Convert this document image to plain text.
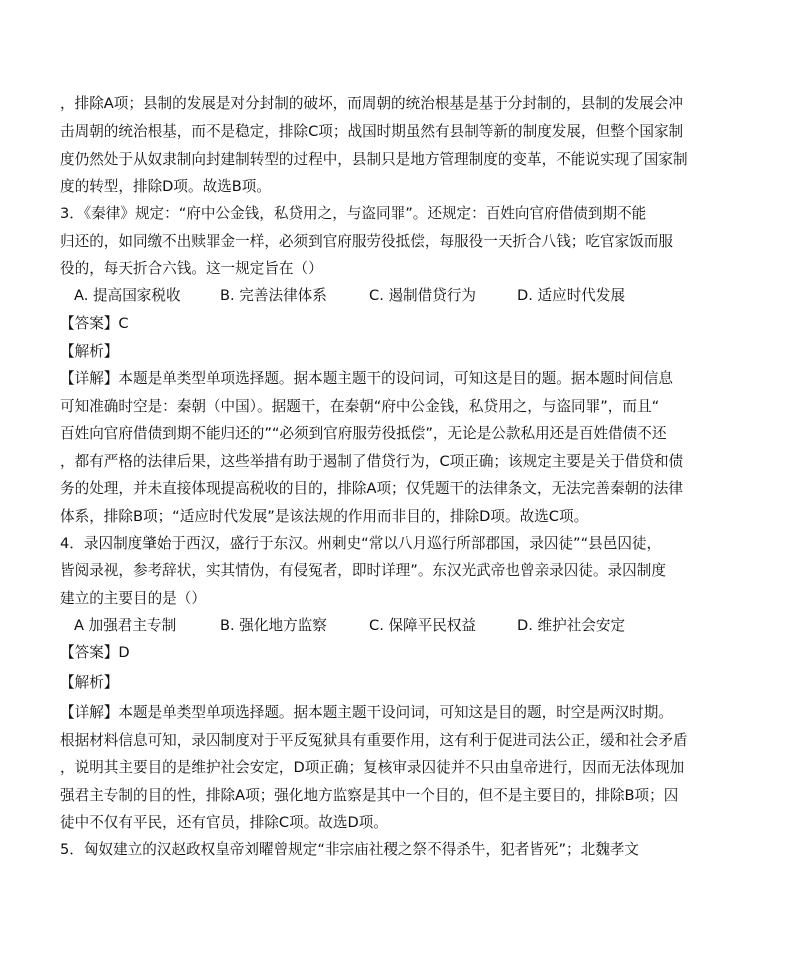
，排除A项；县制的发展是对分封制的破坏，而周朝的统治根基是基于分封制的，县制的发展会冲
击周朝的统治根基，而不是稳定，排除C项；战国时期虽然有县制等新的制度发展，但整个国家制
度仍然处于从奴隶制向封建制转型的过程中，县制只是地方管理制度的变革，不能说实现了国家制
度的转型，排除D项。故选B项。
3．《秦律》规定：“府中公金钱，私贷用之，与盗同罪”。还规定：百姓向官府借债到期不能
归还的，如同缴不出赎罪金一样，必须到官府服劳役抵偿，每服役一天折合八钱；吃官家饭而服
役的，每天折合六钱。这一规定旨在（）
A. 提高国家税收	B. 完善法律体系	C. 遏制借贷行为	D. 适应时代发展
【答案】C
【解析】
【详解】本题是单类型单项选择题。据本题主题干的设问词，可知这是目的题。据本题时间信息
可知准确时空是：秦朝（中国）。据题干，在秦朝“府中公金钱，私贷用之，与盗同罪”，而且“
百姓向官府借债到期不能归还的”“必须到官府服劳役抵偿”，无论是公款私用还是百姓借债不还
，都有严格的法律后果，这些举措有助于遏制了借贷行为，C项正确；该规定主要是关于借贷和债
务的处理，并未直接体现提高税收的目的，排除A项；仅凭题干的法律条文，无法完善秦朝的法律
体系，排除B项；“适应时代发展”是该法规的作用而非目的，排除D项。故选C项。
4．录囚制度肇始于西汉，盛行于东汉。州刺史“常以八月巡行所部郡国，录囚徒”“县邑囚徒，
皆阅录视，参考辞状，实其情伪，有侵冤者，即时详理”。东汉光武帝也曾亲录囚徒。录囚制度
建立的主要目的是（）
A 加强君主专制	B. 强化地方监察	C. 保障平民权益	D. 维护社会安定
【答案】D
【解析】
【详解】本题是单类型单项选择题。据本题主题干设问词，可知这是目的题，时空是两汉时期。
根据材料信息可知，录囚制度对于平反冤狱具有重要作用，这有利于促进司法公正，缓和社会矛盾
，说明其主要目的是维护社会安定，D项正确；复核审录囚徒并不只由皇帝进行，因而无法体现加
强君主专制的目的性，排除A项；强化地方监察是其中一个目的，但不是主要目的，排除B项；囚
徒中不仅有平民，还有官员，排除C项。故选D项。
5．匈奴建立的汉赵政权皇帝刘曜曾规定“非宗庙社稷之祭不得杀牛，犯者皆死”；北魏孝文
